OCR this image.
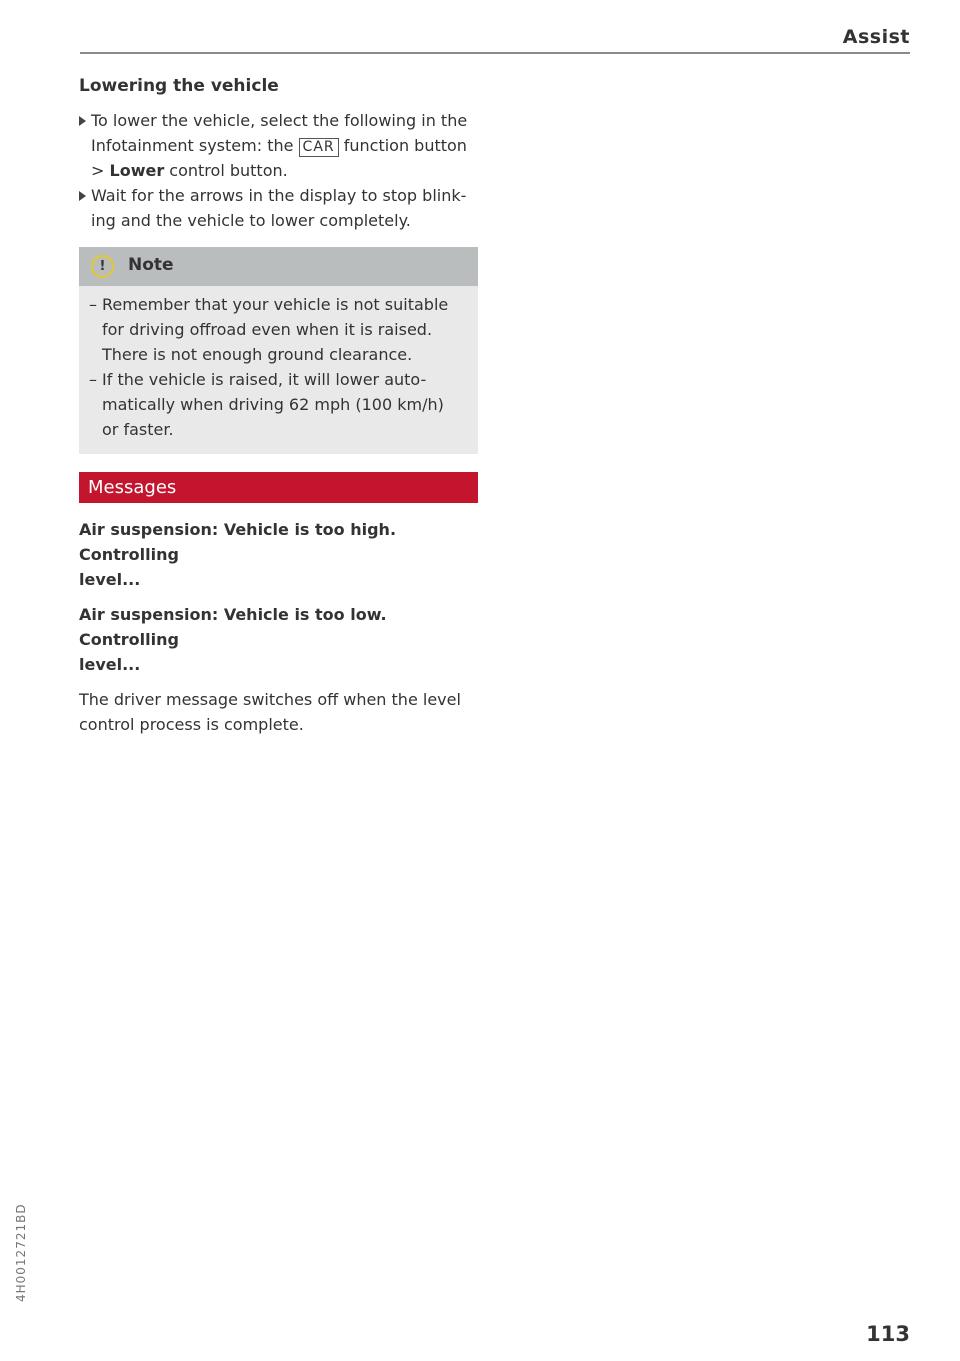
Assist
Lowering the vehicle
To lower the vehicle, select the following in the
Infotainment system: the CAR function button
> Lower control button.
Wait for the arrows in the display to stop blink-
ing and the vehicle to lower completely.
!	Note
– Remember that your vehicle is not suitable
for driving offroad even when it is raised.
There is not enough ground clearance.
– If the vehicle is raised, it will lower auto-
matically when driving 62 mph (100 km/h)
or faster.
Messages
Air suspension: Vehicle is too high. Controlling
level...
Air suspension: Vehicle is too low. Controlling
level...
The driver message switches off when the level
control process is complete.
4H0012721BD
113
